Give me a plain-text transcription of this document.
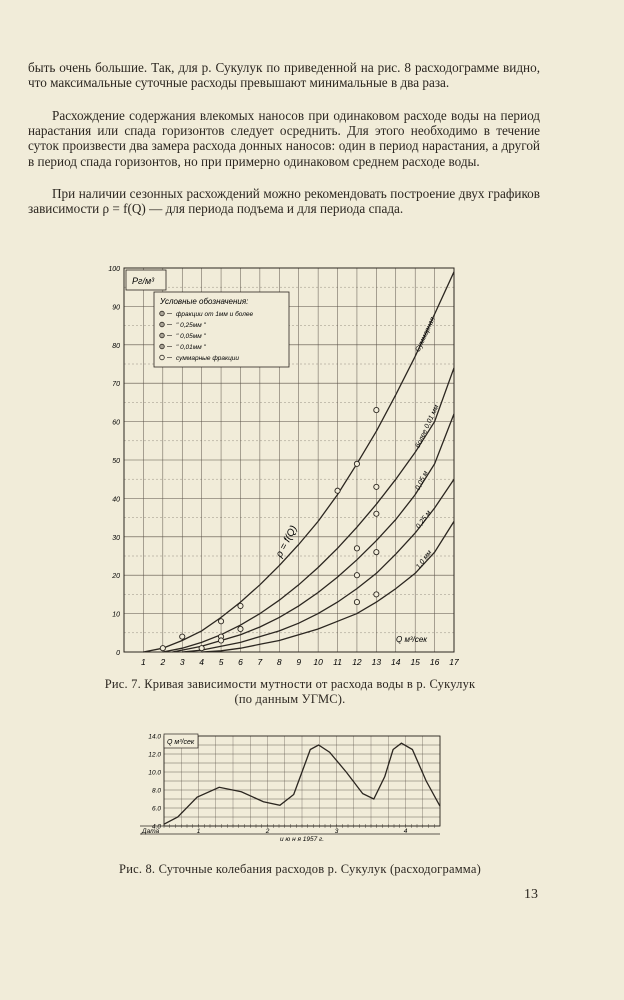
быть очень большие. Так, для р. Сукулук по приведенной на рис. 8 расходограмме видно, что максимальные суточные расходы превышают минимальные в два раза.

Расхождение содержания влекомых наносов при одинаковом расходе воды на период нарастания или спада горизонтов следует осреднить. Для этого необходимо в течение суток произвести два замера расхода донных наносов: один в период нарастания, а другой в период спада горизонтов, но при примерно одинаковом среднем расходе воды.

При наличии сезонных расхождений можно рекомендовать построение двух графиков зависимости ρ = f(Q) — для периода подъема и для периода спада.

1 2 3 4 5 6 7 8 9 10 11 12 13 14 15 16 17
0
10
20
30
40
50
60
70
80
90
100
Суммарная
более 0,01 мм
0,05 м
0,25 м
1,0 мм
Pг/м³
Q м³/сек
Условные обозначения:
фракции от 1мм и более
" 0,25мм "
" 0,05мм "
" 0,01мм "
суммарные фракции
ρ = f(Q)
Рис. 7. Кривая зависимости мутности от расхода воды в р. Сукулук
(по данным УГМС).
4.0
6.0
8.0
10.0
12.0
14.0
Q м³/сек
Дата	1	2	3	4
и ю н я 1957 г.
Рис. 8. Суточные колебания расходов р. Сукулук (расходограмма)
13
